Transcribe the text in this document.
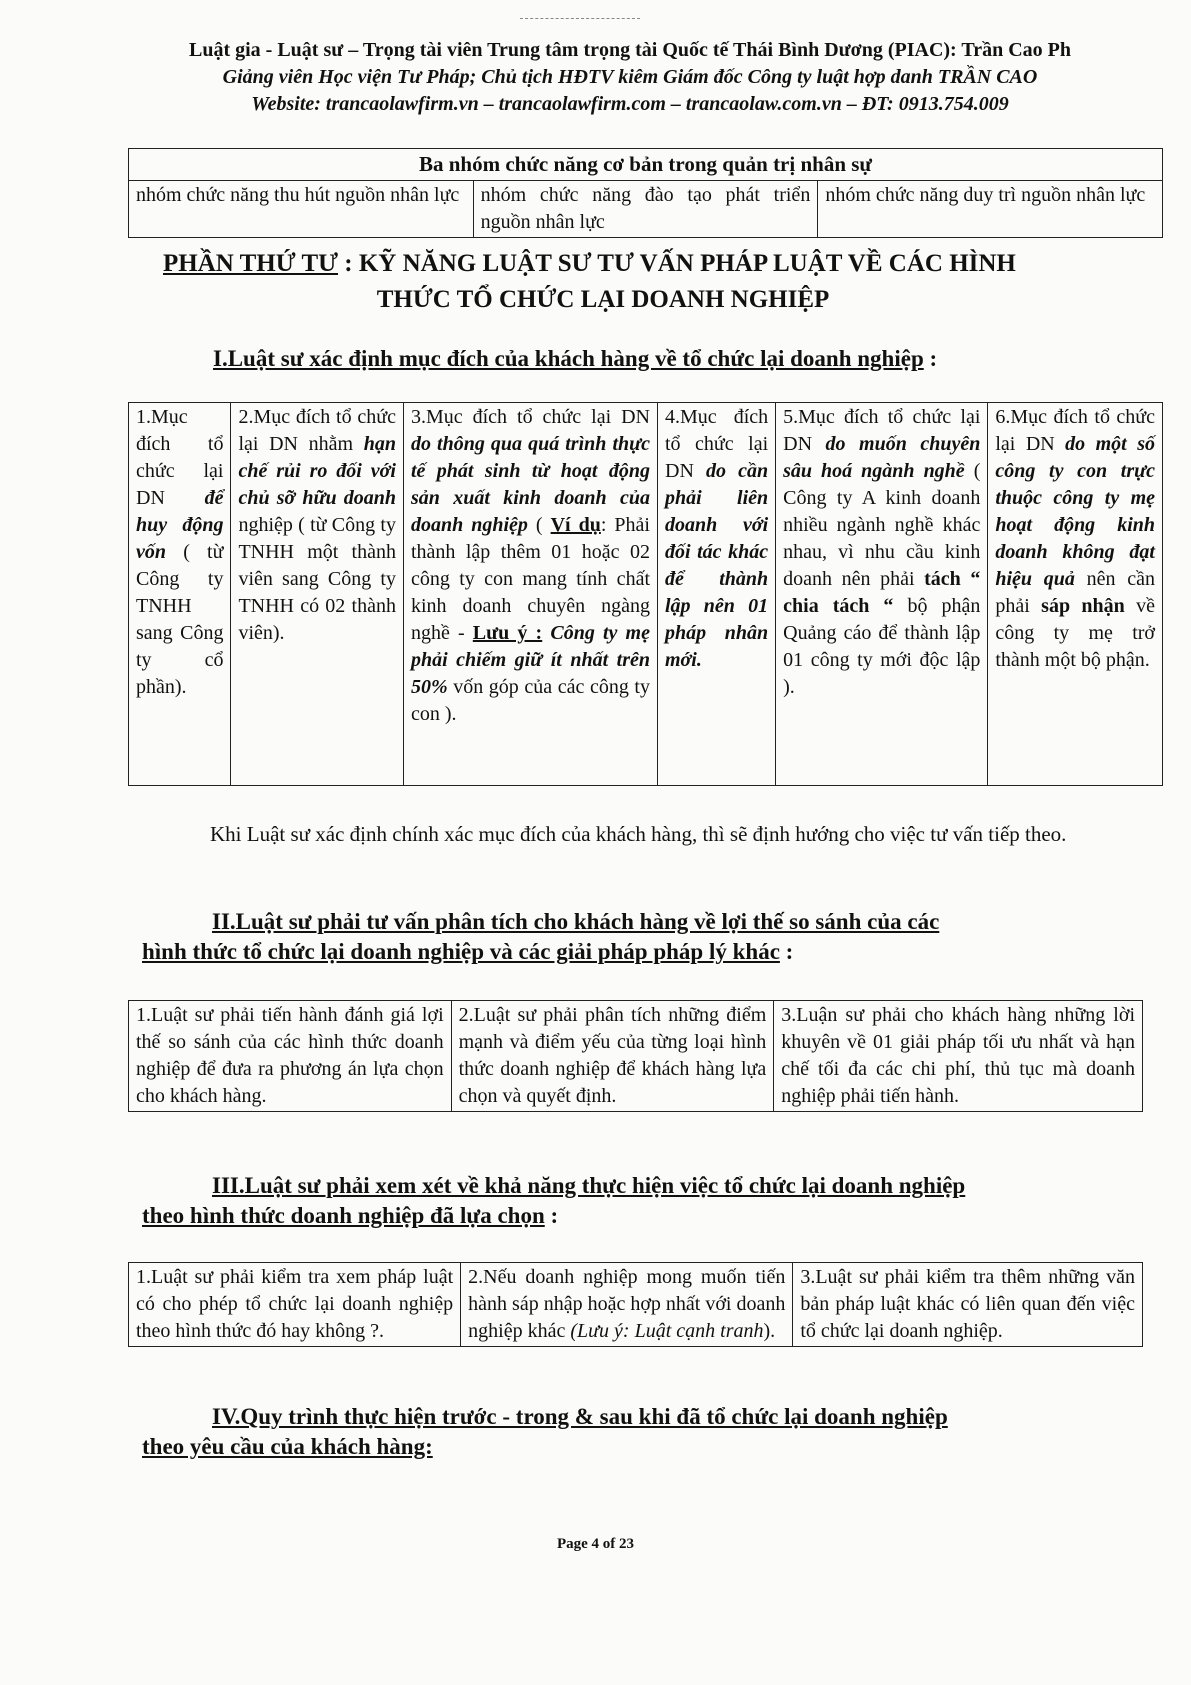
Luật gia - Luật sư – Trọng tài viên Trung tâm trọng tài Quốc tế Thái Bình Dương (PIAC): Trần Cao Ph
Giảng viên Học viện Tư Pháp; Chủ tịch HĐTV kiêm Giám đốc Công ty luật hợp danh TRẦN CAO
Website: trancaolawfirm.vn – trancaolawfirm.com – trancaolaw.com.vn – ĐT: 0913.754.009
Ba nhóm chức năng cơ bản trong quản trị nhân sự
nhóm chức năng thu hút nguồn nhân lực	nhóm chức năng đào tạo phát triển nguồn nhân lực	nhóm chức năng duy trì nguồn nhân lực
PHẦN THỨ TƯ : KỸ NĂNG LUẬT SƯ TƯ VẤN PHÁP LUẬT VỀ CÁC HÌNH
THỨC TỔ CHỨC LẠI DOANH NGHIỆP
I.Luật sư xác định mục đích của khách hàng về tổ chức lại doanh nghiệp :
1.Mục đích tổ chức lại DN để huy động vốn ( từ Công ty TNHH sang Công ty cổ phần).	2.Mục đích tổ chức lại DN nhằm hạn chế rủi ro đối với chủ sỡ hữu doanh nghiệp ( từ Công ty TNHH một thành viên sang Công ty TNHH có 02 thành viên).	3.Mục đích tổ chức lại DN do thông qua quá trình thực tế phát sinh từ hoạt động sản xuất kinh doanh của doanh nghiệp ( Ví dụ: Phải thành lập thêm 01 hoặc 02 công ty con mang tính chất kinh doanh chuyên ngàng nghề - Lưu ý : Công ty mẹ phải chiếm giữ ít nhất trên 50% vốn góp của các công ty con ).	4.Mục đích tổ chức lại DN do cần phải liên doanh với đối tác khác để thành lập nên 01 pháp nhân mới.	5.Mục đích tổ chức lại DN do muốn chuyên sâu hoá ngành nghề ( Công ty A kinh doanh nhiều ngành nghề khác nhau, vì nhu cầu kinh doanh nên phải tách “ chia tách “ bộ phận Quảng cáo để thành lập 01 công ty mới độc lập ).	6.Mục đích tổ chức lại DN do một số công ty con trực thuộc công ty mẹ hoạt động kinh doanh không đạt hiệu quả nên cần phải sáp nhận về công ty mẹ trở thành một bộ phận.
Khi Luật sư xác định chính xác mục đích của khách hàng, thì sẽ định hướng cho việc tư vấn tiếp theo.
II.Luật sư phải tư vấn phân tích cho khách hàng về lợi thế so sánh của các
hình thức tổ chức lại doanh nghiệp và các giải pháp pháp lý khác :
1.Luật sư phải tiến hành đánh giá lợi thế so sánh của các hình thức doanh nghiệp để đưa ra phương án lựa chọn cho khách hàng.	2.Luật sư phải phân tích những điểm mạnh và điểm yếu của từng loại hình thức doanh nghiệp để khách hàng lựa chọn và quyết định.	3.Luận sư phải cho khách hàng những lời khuyên về 01 giải pháp tối ưu nhất và hạn chế tối đa các chi phí, thủ tục mà doanh nghiệp phải tiến hành.
III.Luật sư phải xem xét về khả năng thực hiện việc tổ chức lại doanh nghiệp
theo hình thức doanh nghiệp đã lựa chọn :
1.Luật sư phải kiểm tra xem pháp luật có cho phép tổ chức lại doanh nghiệp theo hình thức đó hay không ?.	2.Nếu doanh nghiệp mong muốn tiến hành sáp nhập hoặc hợp nhất với doanh nghiệp khác (Lưu ý: Luật cạnh tranh).	3.Luật sư phải kiểm tra thêm những văn bản pháp luật khác có liên quan đến việc tổ chức lại doanh nghiệp.
IV.Quy trình thực hiện trước - trong & sau khi đã tổ chức lại doanh nghiệp
theo yêu cầu của khách hàng:
Page 4 of 23
